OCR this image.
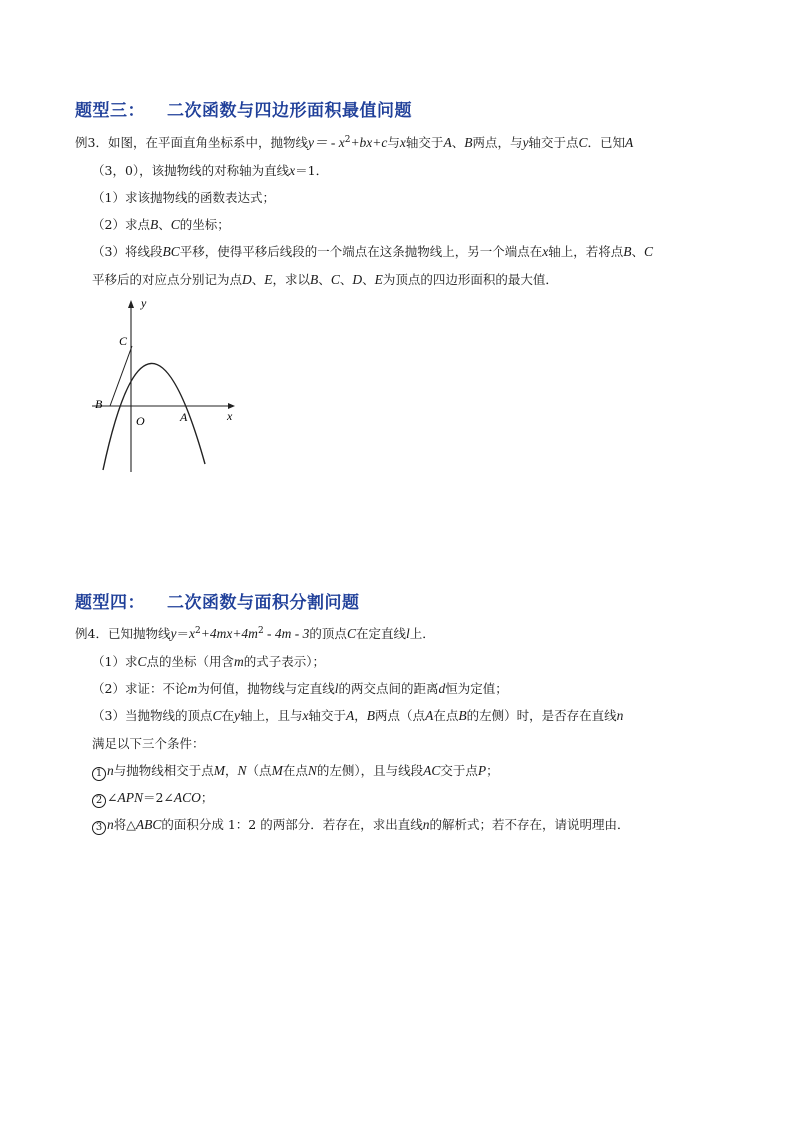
题型三： 二次函数与四边形面积最值问题
例3．如图，在平面直角坐标系中，抛物线$y= - x^2+bx+c$与x轴交于A、B两点，与y轴交于点C．已知A
（3，0），该抛物线的对称轴为直线x＝1．
（1）求该抛物线的函数表达式；
（2）求点B、C的坐标；
（3）将线段BC平移，使得平移后线段的一个端点在这条抛物线上，另一个端点在x轴上，若将点B、C
平移后的对应点分别记为点D、E，求以B、C、D、E为顶点的四边形面积的最大值．
y
x
C
B
O	A
题型四： 二次函数与面积分割问题
例4．已知抛物线$y=x^2+4mx+4m^2 - 4m - 3$的顶点C在定直线l上．
（1）求C点的坐标（用含m的式子表示）；
（2）求证：不论m为何值，抛物线与定直线l的两交点间的距离d恒为定值；
（3）当抛物线的顶点C在y轴上，且与x轴交于A，B两点（点A在点B的左侧）时，是否存在直线n
满足以下三个条件：
1 n与抛物线相交于点M，N（点M在点N的左侧），且与线段AC交于点P；
2 ∠APN＝2∠ACO；
3 n将△ABC的面积分成 1：2 的两部分．若存在，求出直线n的解析式；若不存在，请说明理由．
